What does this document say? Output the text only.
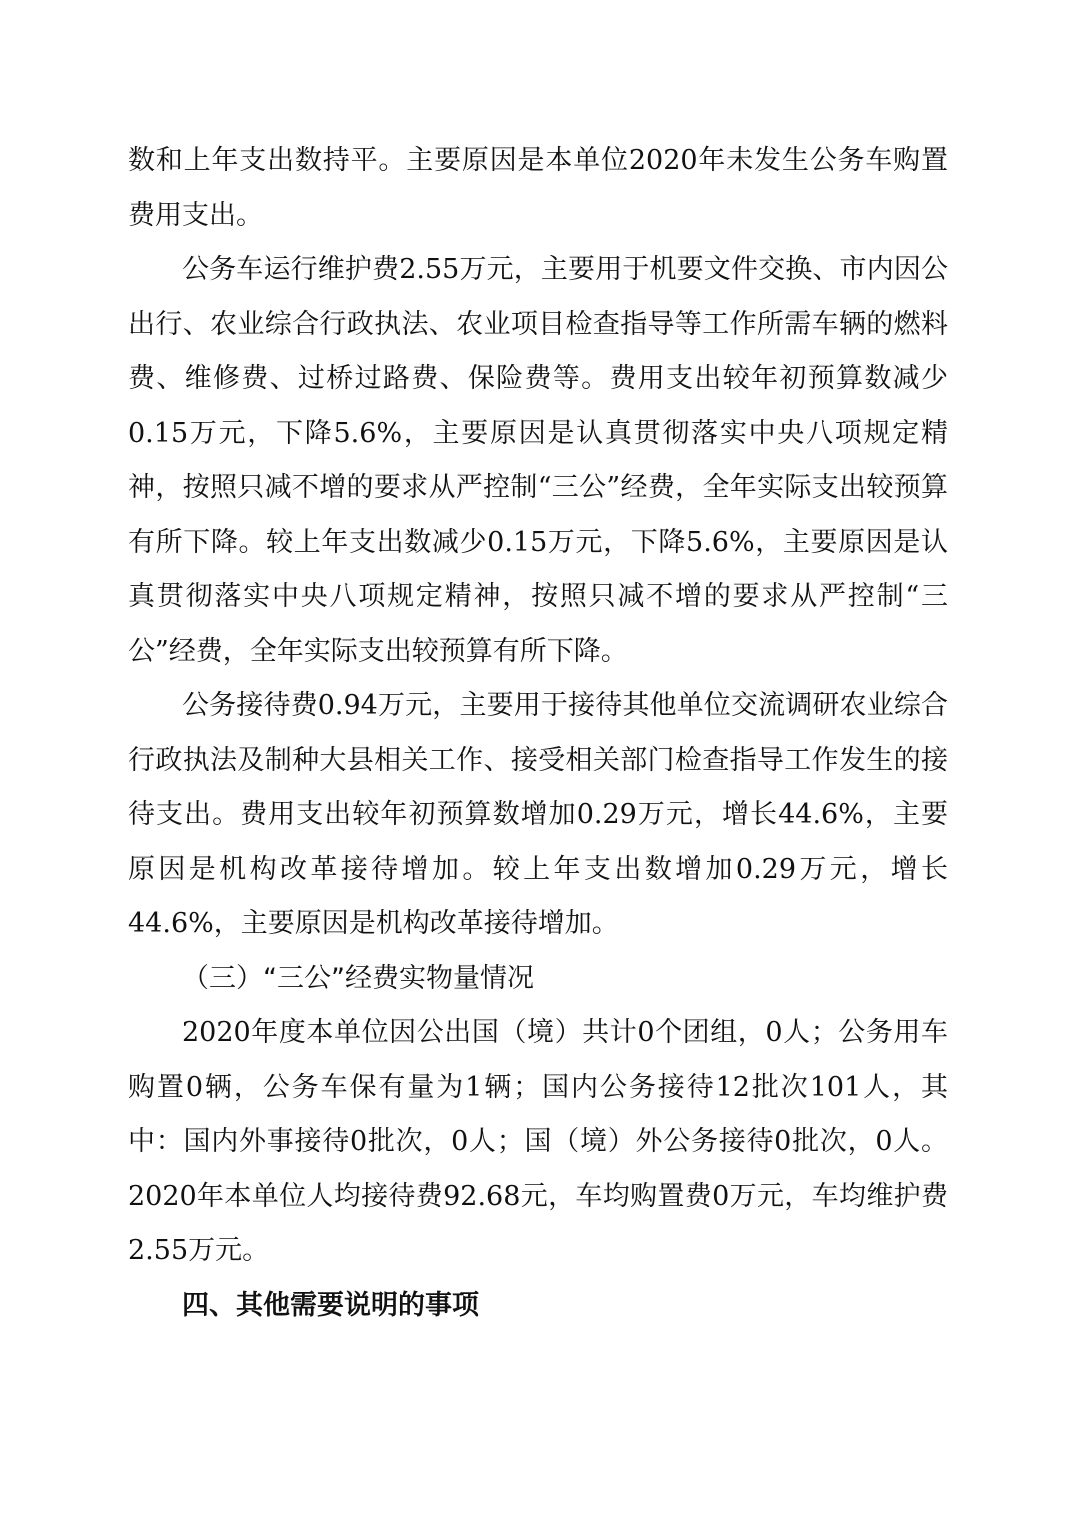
数和上年支出数持平。主要原因是本单位2020年未发生公务车购置费用支出。

公务车运行维护费2.55万元，主要用于机要文件交换、市内因公出行、农业综合行政执法、农业项目检查指导等工作所需车辆的燃料费、维修费、过桥过路费、保险费等。费用支出较年初预算数减少0.15万元，下降5.6%，主要原因是认真贯彻落实中央八项规定精神，按照只减不增的要求从严控制“三公”经费，全年实际支出较预算有所下降。较上年支出数减少0.15万元，下降5.6%，主要原因是认真贯彻落实中央八项规定精神，按照只减不增的要求从严控制“三公”经费，全年实际支出较预算有所下降。

公务接待费0.94万元，主要用于接待其他单位交流调研农业综合行政执法及制种大县相关工作、接受相关部门检查指导工作发生的接待支出。费用支出较年初预算数增加0.29万元，增长44.6%，主要原因是机构改革接待增加。较上年支出数增加0.29万元，增长44.6%，主要原因是机构改革接待增加。

（三）“三公”经费实物量情况

2020年度本单位因公出国（境）共计0个团组，0人；公务用车购置0辆，公务车保有量为1辆；国内公务接待12批次101人，其中：国内外事接待0批次，0人；国（境）外公务接待0批次，0人。2020年本单位人均接待费92.68元，车均购置费0万元，车均维护费2.55万元。

四、其他需要说明的事项
